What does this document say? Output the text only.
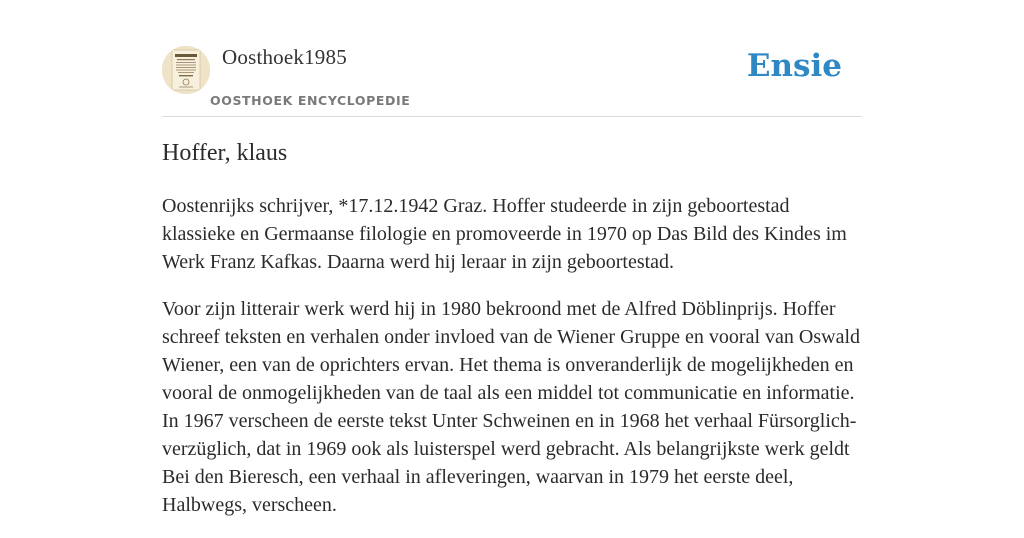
Oosthoek1985
OOSTHOEK ENCYCLOPEDIE
Ensie
Hoffer, klaus

Oostenrijks schrijver, *17.12.1942 Graz. Hoffer studeerde in zijn geboortestad klassieke en Germaanse filologie en promoveerde in 1970 op Das Bild des Kindes im Werk Franz Kafkas. Daarna werd hij leraar in zijn geboortestad.

Voor zijn litterair werk werd hij in 1980 bekroond met de Alfred Döblinprijs. Hoffer schreef teksten en verhalen onder invloed van de Wiener Gruppe en vooral van Oswald Wiener, een van de oprichters ervan. Het thema is onveranderlijk de mogelijkheden en vooral de onmogelijkheden van de taal als een middel tot communicatie en informatie. In 1967 verscheen de eerste tekst Unter Schweinen en in 1968 het verhaal Fürsorglich-verzüglich, dat in 1969 ook als luisterspel werd gebracht. Als belangrijkste werk geldt Bei den Bieresch, een verhaal in afleveringen, waarvan in 1979 het eerste deel, Halbwegs, verscheen.
